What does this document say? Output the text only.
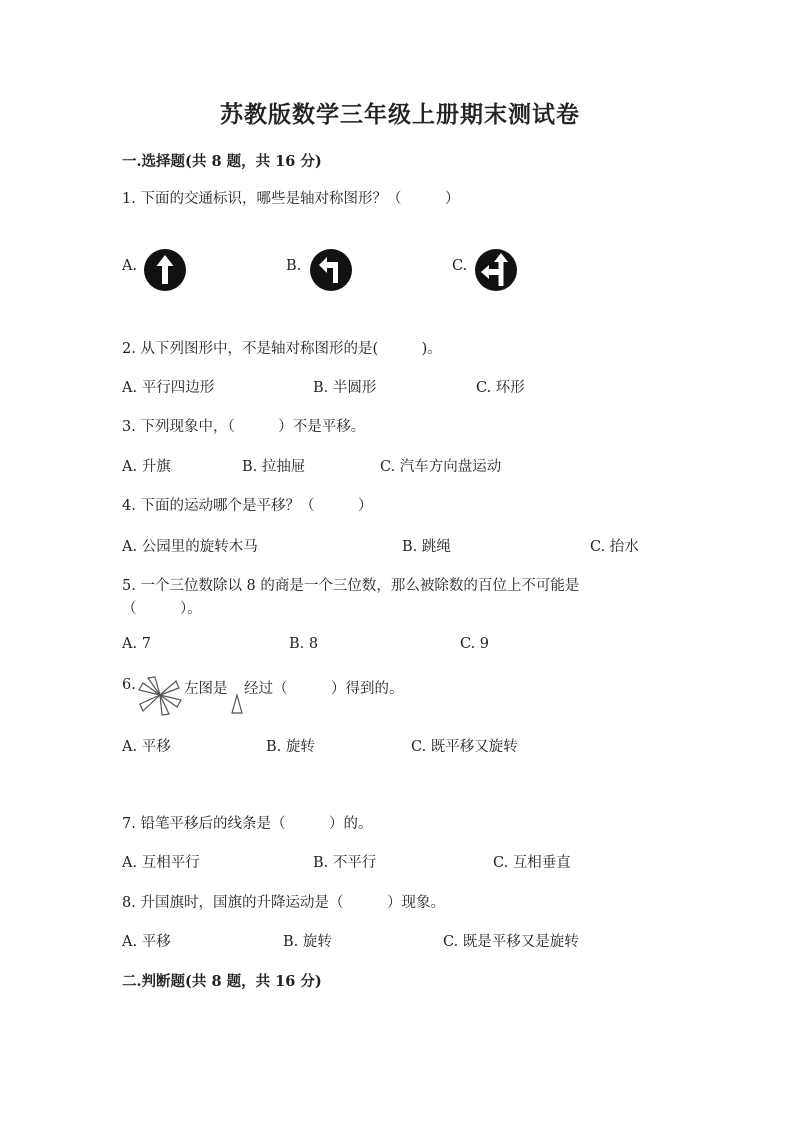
苏教版数学三年级上册期末测试卷
一.选择题(共 8 题，共 16 分)
1. 下面的交通标识，哪些是轴对称图形？（　　　）
A.	B.	C.
2. 从下列图形中，不是轴对称图形的是(　　　)。
A. 平行四边形	B. 半圆形	C. 环形
3. 下列现象中，（　　　）不是平移。
A. 升旗	B. 拉抽屉	C. 汽车方向盘运动
4. 下面的运动哪个是平移？（　　　）
A. 公园里的旋转木马	B. 跳绳	C. 抬水
5. 一个三位数除以 8 的商是一个三位数，那么被除数的百位上不可能是
（　　　）。
A. 7	B. 8	C. 9
6.	左图是 经过（　　　）得到的。
A. 平移	B. 旋转	C. 既平移又旋转
7. 铅笔平移后的线条是（　　　）的。
A. 互相平行	B. 不平行	C. 互相垂直
8. 升国旗时，国旗的升降运动是（　　　）现象。
A. 平移	B. 旋转	C. 既是平移又是旋转
二.判断题(共 8 题，共 16 分)
